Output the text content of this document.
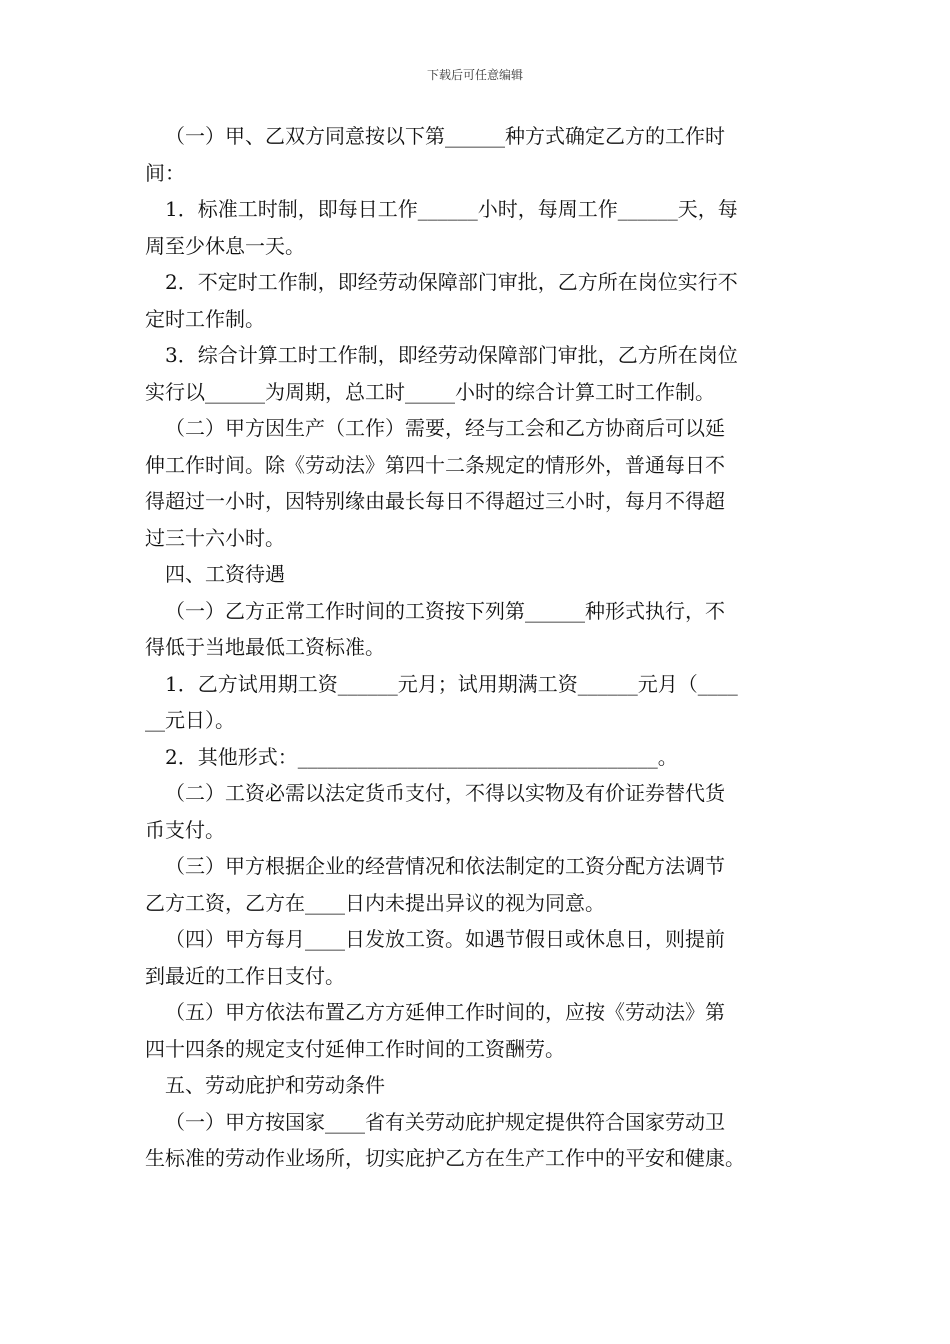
下载后可任意编辑
（一）甲、乙双方同意按以下第______种方式确定乙方的工作时
间：
1．标准工时制，即每日工作______小时，每周工作______天，每
周至少休息一天。
2．不定时工作制，即经劳动保障部门审批，乙方所在岗位实行不
定时工作制。
3．综合计算工时工作制，即经劳动保障部门审批，乙方所在岗位
实行以______为周期，总工时_____小时的综合计算工时工作制。
（二）甲方因生产（工作）需要，经与工会和乙方协商后可以延
伸工作时间。除《劳动法》第四十二条规定的情形外，普通每日不
得超过一小时，因特别缘由最长每日不得超过三小时，每月不得超
过三十六小时。
四、工资待遇
（一）乙方正常工作时间的工资按下列第______种形式执行，不
得低于当地最低工资标准。
1．乙方试用期工资______元月；试用期满工资______元月（____
__元日）。
2．其他形式：____________________________________。
（二）工资必需以法定货币支付，不得以实物及有价证券替代货
币支付。
（三）甲方根据企业的经营情况和依法制定的工资分配方法调节
乙方工资，乙方在____日内未提出异议的视为同意。
（四）甲方每月____日发放工资。如遇节假日或休息日，则提前
到最近的工作日支付。
（五）甲方依法布置乙方方延伸工作时间的，应按《劳动法》第
四十四条的规定支付延伸工作时间的工资酬劳。
五、劳动庇护和劳动条件
（一）甲方按国家____省有关劳动庇护规定提供符合国家劳动卫
生标准的劳动作业场所，切实庇护乙方在生产工作中的平安和健康。
